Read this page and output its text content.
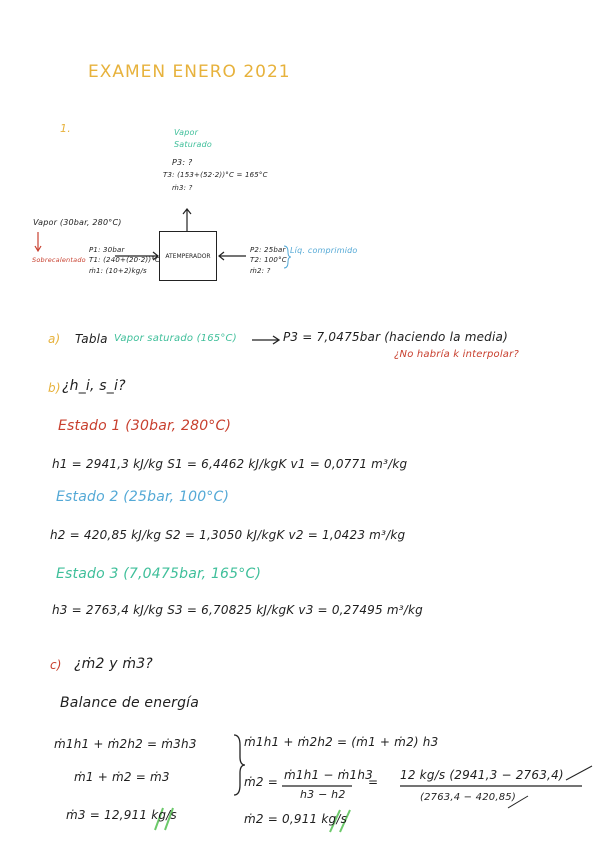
EXAMEN ENERO 2021
1.	Vapor Saturado
P3: ?
T3: (153+(52·2))°C = 165°C
ṁ3: ?
Vapor (30bar, 280°C)
Sobrecalentado
P1: 30bar
T1: (240+(20·2))°C
ṁ1: (10+2)kg/s
ATEMPERADOR
P2: 25bar
T2: 100°C
ṁ2: ?
Líq. comprimido
a) Tabla Vapor saturado (165°C)	P3 = 7,0475bar (haciendo la media)
¿No habría k interpolar?
b) ¿h_i, s_i?
Estado 1 (30bar, 280°C)
h1 = 2941,3 kJ/kg S1 = 6,4462 kJ/kgK v1 = 0,0771 m³/kg
Estado 2 (25bar, 100°C)
h2 = 420,85 kJ/kg S2 = 1,3050 kJ/kgK v2 = 1,0423 m³/kg
Estado 3 (7,0475bar, 165°C)
h3 = 2763,4 kJ/kg S3 = 6,70825 kJ/kgK v3 = 0,27495 m³/kg
c) ¿ṁ2 y ṁ3?
Balance de energía
ṁ1h1 + ṁ2h2 = ṁ3h3
ṁ1 + ṁ2 = ṁ3
ṁ3 = 12,911 kg/s
ṁ1h1 + ṁ2h2 = (ṁ1 + ṁ2) h3
ṁ2 = ṁ1h1 − ṁ1h3
h3 − h2
= 12 kg/s (2941,3 − 2763,4)
(2763,4 − 420,85)
ṁ2 = 0,911 kg/s
